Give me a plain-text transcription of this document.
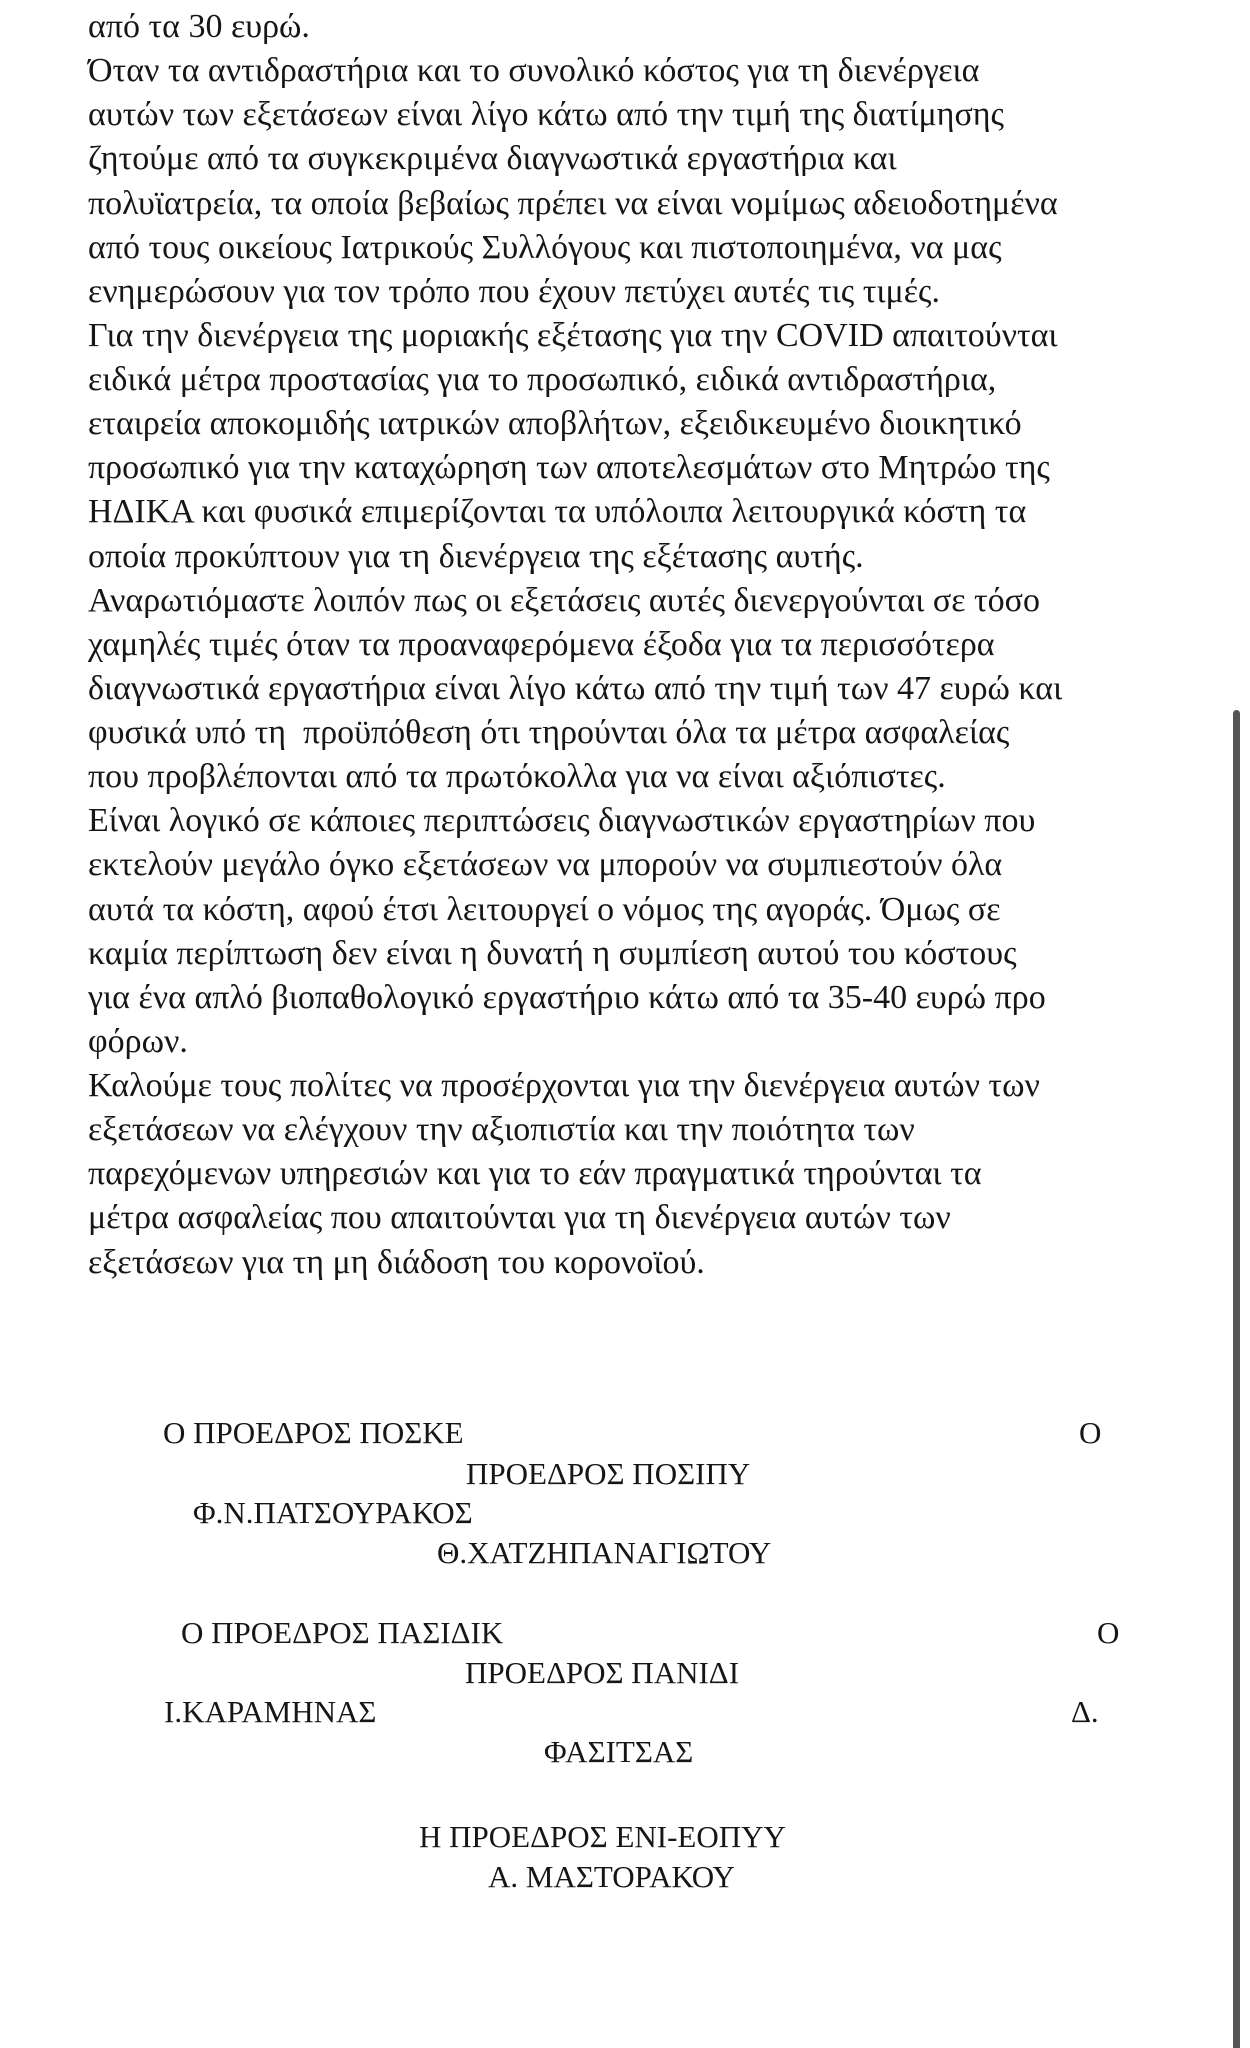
από τα 30 ευρώ.
Όταν τα αντιδραστήρια και το συνολικό κόστος για τη διενέργεια
αυτών των εξετάσεων είναι λίγο κάτω από την τιμή της διατίμησης
ζητούμε από τα συγκεκριμένα διαγνωστικά εργαστήρια και
πολυϊατρεία, τα οποία βεβαίως πρέπει να είναι νομίμως αδειοδοτημένα
από τους οικείους Ιατρικούς Συλλόγους και πιστοποιημένα, να μας
ενημερώσουν για τον τρόπο που έχουν πετύχει αυτές τις τιμές.
Για την διενέργεια της μοριακής εξέτασης για την COVID απαιτούνται
ειδικά μέτρα προστασίας για το προσωπικό, ειδικά αντιδραστήρια,
εταιρεία αποκομιδής ιατρικών αποβλήτων, εξειδικευμένο διοικητικό
προσωπικό για την καταχώρηση των αποτελεσμάτων στο Μητρώο της
ΗΔΙΚΑ και φυσικά επιμερίζονται τα υπόλοιπα λειτουργικά κόστη τα
οποία προκύπτουν για τη διενέργεια της εξέτασης αυτής.
Αναρωτιόμαστε λοιπόν πως οι εξετάσεις αυτές διενεργούνται σε τόσο
χαμηλές τιμές όταν τα προαναφερόμενα έξοδα για τα περισσότερα
διαγνωστικά εργαστήρια είναι λίγο κάτω από την τιμή των 47 ευρώ και
φυσικά υπό τη  προϋπόθεση ότι τηρούνται όλα τα μέτρα ασφαλείας
που προβλέπονται από τα πρωτόκολλα για να είναι αξιόπιστες.
Είναι λογικό σε κάποιες περιπτώσεις διαγνωστικών εργαστηρίων που
εκτελούν μεγάλο όγκο εξετάσεων να μπορούν να συμπιεστούν όλα
αυτά τα κόστη, αφού έτσι λειτουργεί ο νόμος της αγοράς. Όμως σε
καμία περίπτωση δεν είναι η δυνατή η συμπίεση αυτού του κόστους
για ένα απλό βιοπαθολογικό εργαστήριο κάτω από τα 35-40 ευρώ προ
φόρων.
Καλούμε τους πολίτες να προσέρχονται για την διενέργεια αυτών των
εξετάσεων να ελέγχουν την αξιοπιστία και την ποιότητα των
παρεχόμενων υπηρεσιών και για το εάν πραγματικά τηρούνται τα
μέτρα ασφαλείας που απαιτούνται για τη διενέργεια αυτών των
εξετάσεων για τη μη διάδοση του κορονοϊού.
Ο ΠΡΟΕΔΡΟΣ ΠΟΣΚΕ	Ο
ΠΡΟΕΔΡΟΣ ΠΟΣΙΠΥ
Φ.Ν.ΠΑΤΣΟΥΡΑΚΟΣ
Θ.ΧΑΤΖΗΠΑΝΑΓΙΩΤΟΥ
Ο ΠΡΟΕΔΡΟΣ ΠΑΣΙΔΙΚ	Ο
ΠΡΟΕΔΡΟΣ ΠΑΝΙΔΙ
Ι.ΚΑΡΑΜΗΝΑΣ	Δ.
ΦΑΣΙΤΣΑΣ
Η ΠΡΟΕΔΡΟΣ ΕΝΙ-ΕΟΠΥΥ
Α. ΜΑΣΤΟΡΑΚΟΥ
